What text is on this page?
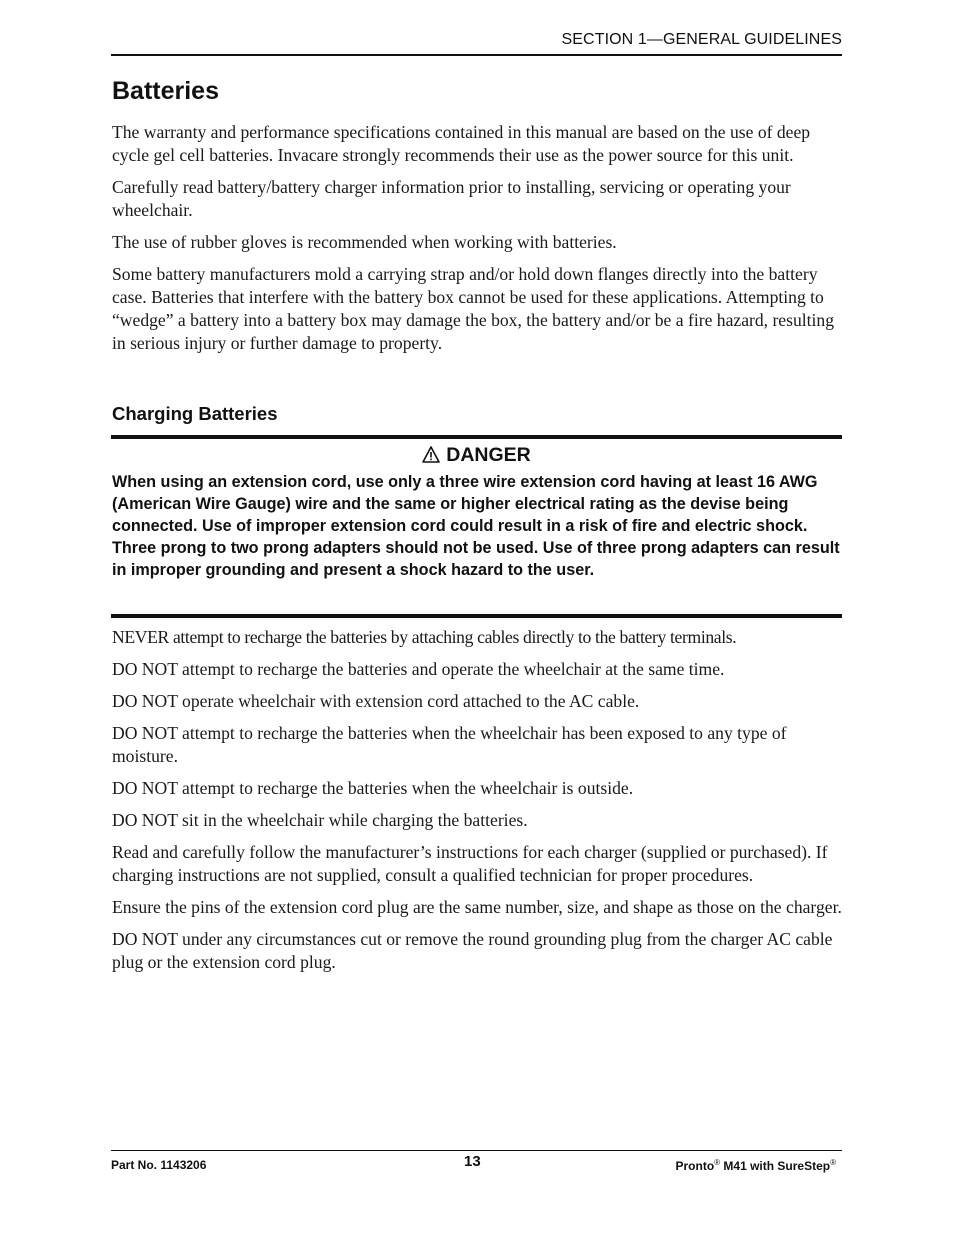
SECTION 1—GENERAL GUIDELINES
Batteries

The warranty and performance specifications contained in this manual are based on the use of deep cycle gel cell batteries. Invacare strongly recommends their use as the power source for this unit.

Carefully read battery/battery charger information prior to installing, servicing or operating your wheelchair.

The use of rubber gloves is recommended when working with batteries.

Some battery manufacturers mold a carrying strap and/or hold down flanges directly into the battery case. Batteries that interfere with the battery box cannot be used for these applications. Attempting to “wedge” a battery into a battery box may damage the box, the battery and/or be a fire hazard, resulting in serious injury or further damage to property.

Charging Batteries
DANGER

When using an extension cord, use only a three wire extension cord having at least 16 AWG (American Wire Gauge) wire and the same or higher electrical rating as the devise being connected. Use of improper extension cord could result in a risk of fire and electric shock. Three prong to two prong adapters should not be used. Use of three prong adapters can result in improper grounding and present a shock hazard to the user.

NEVER attempt to recharge the batteries by attaching cables directly to the battery terminals.

DO NOT attempt to recharge the batteries and operate the wheelchair at the same time.

DO NOT operate wheelchair with extension cord attached to the AC cable.

DO NOT attempt to recharge the batteries when the wheelchair has been exposed to any type of moisture.

DO NOT attempt to recharge the batteries when the wheelchair is outside.

DO NOT sit in the wheelchair while charging the batteries.

Read and carefully follow the manufacturer’s instructions for each charger (supplied or purchased). If charging instructions are not supplied, consult a qualified technician for proper procedures.

Ensure the pins of the extension cord plug are the same number, size, and shape as those on the charger.

DO NOT under any circumstances cut or remove the round grounding plug from the charger AC cable plug or the extension cord plug.

Part No. 1143206	13	Pronto® M41 with SureStep®
